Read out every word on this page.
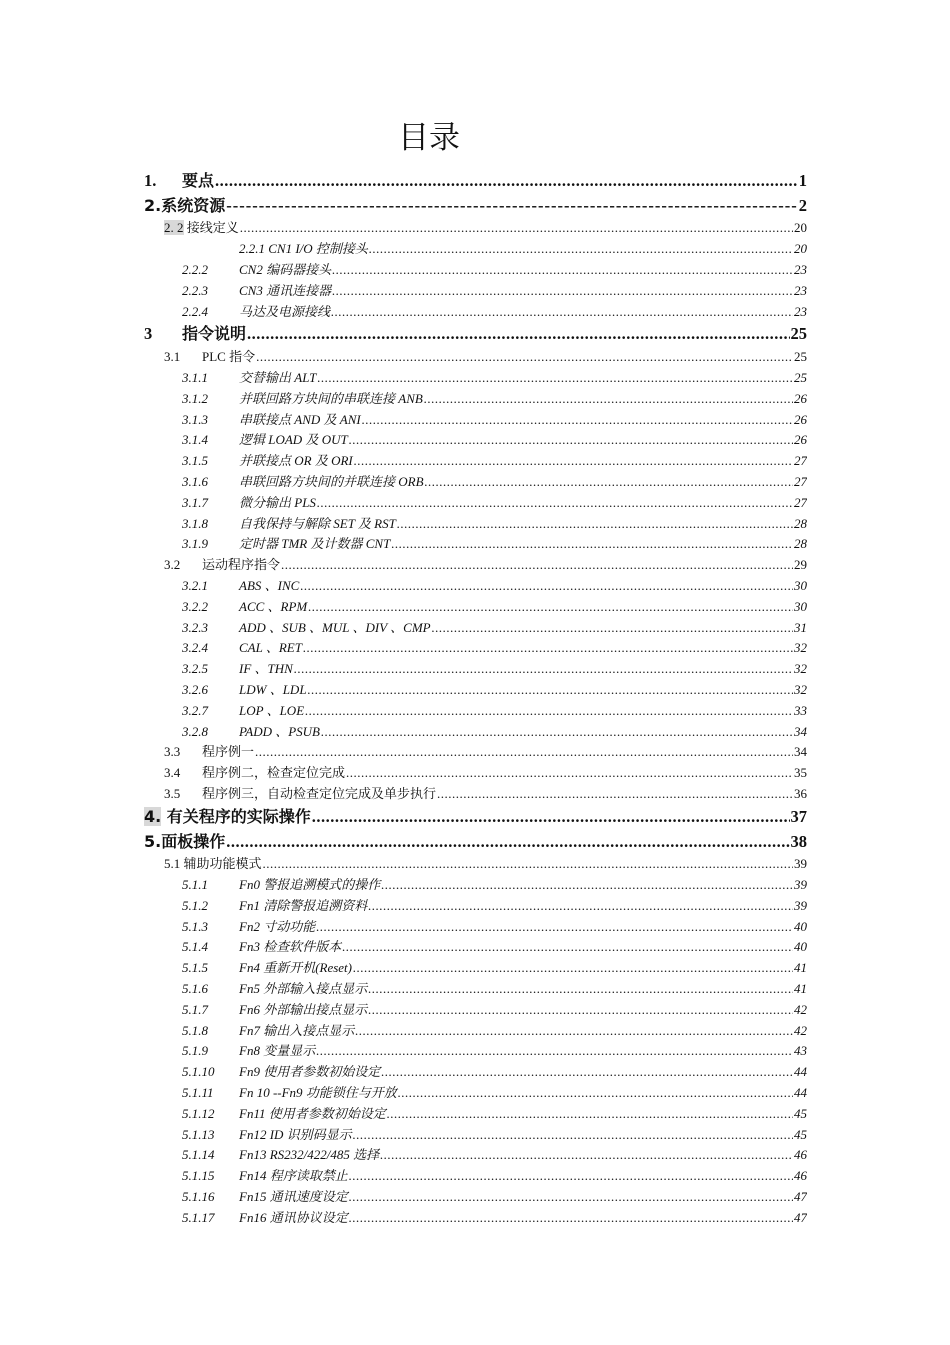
目录
1.	要点 .....	1
2.系统资源 -----	2
2. 2 接线定义 .....	20
2.2.1 CN1 I/O 控制接头 .....	20
2.2.2	CN2 编码器接头 .....	23
2.2.3	CN3 通讯连接器 .....	23
2.2.4	马达及电源接线 .....	23
3	指令说明 .....	25
3.1	PLC 指令 .....	25
3.1.1	交替输出 ALT .....	25
3.1.2	并联回路方块间的串联连接 ANB .....	26
3.1.3	串联接点 AND 及 ANI .....	26
3.1.4	逻辑 LOAD 及 OUT .....	26
3.1.5	并联接点 OR 及 ORI .....	27
3.1.6	串联回路方块间的并联连接 ORB .....	27
3.1.7	微分输出 PLS .....	27
3.1.8	自我保持与解除 SET 及 RST .....	28
3.1.9	定时器 TMR 及计数器 CNT .....	28
3.2	运动程序指令 .....	29
3.2.1	ABS 、INC .....	30
3.2.2	ACC 、RPM .....	30
3.2.3	ADD 、SUB 、MUL 、DIV 、CMP .....	31
3.2.4	CAL 、RET .....	32
3.2.5	IF 、THN .....	32
3.2.6	LDW 、LDL .....	32
3.2.7	LOP 、LOE .....	33
3.2.8	PADD 、PSUB .....	34
3.3	程序例一 .....	34
3.4	程序例二，检查定位完成 .....	35
3.5	程序例三，自动检查定位完成及单步执行 .....	36
4. 有关程序的实际操作 .....	37
5.面板操作 .....	38
5.1 辅助功能模式 .....	39
5.1.1	Fn0 警报追溯模式的操作 .....	39
5.1.2	Fn1 清除警报追溯资料 .....	39
5.1.3	Fn2 寸动功能 .....	40
5.1.4	Fn3 检查软件版本 .....	40
5.1.5	Fn4 重新开机(Reset) .....	41
5.1.6	Fn5 外部输入接点显示 .....	41
5.1.7	Fn6 外部输出接点显示 .....	42
5.1.8	Fn7 输出入接点显示 .....	42
5.1.9	Fn8 变量显示 .....	43
5.1.10	Fn9 使用者参数初始设定 .....	44
5.1.11	Fn 10 --Fn9 功能锁住与开放 .....	44
5.1.12	Fn11 使用者参数初始设定 .....	45
5.1.13	Fn12 ID 识别码显示 .....	45
5.1.14	Fn13 RS232/422/485 选择 .....	46
5.1.15	Fn14 程序读取禁止 .....	46
5.1.16	Fn15 通讯速度设定 .....	47
5.1.17	Fn16 通讯协议设定 .....	47
